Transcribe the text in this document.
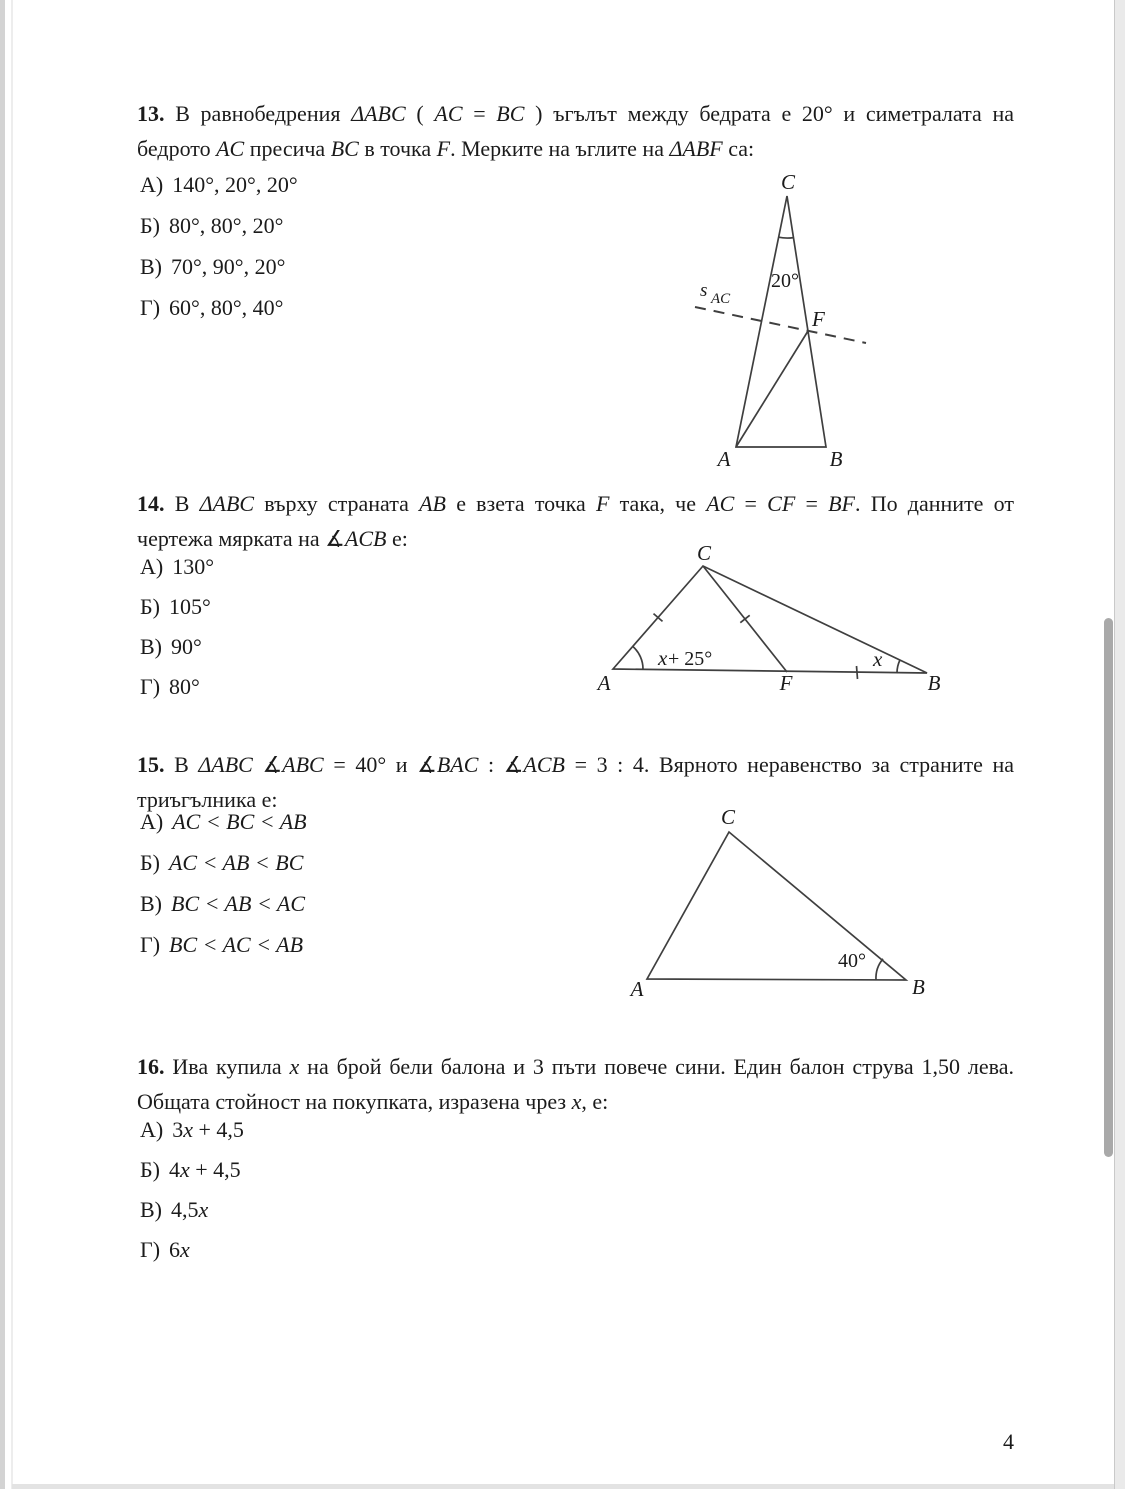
13. В равнобедрения ΔABC ( AC = BC ) ъгълът между бедрата е 20° и симетралата на
бедрото AC пресича BC в точка F. Мерките на ъглите на ΔABF са:
А) 140°, 20°, 20°
Б) 80°, 80°, 20°
В) 70°, 90°, 20°
Г) 60°, 80°, 40°
C
A	B
F
20°
s AC
14. В ΔABC върху страната AB е взета точка F така, че AC = CF = BF. По данните от
чертежа мярката на ∡ACB е:
А) 130°
Б) 105°
В) 90°
Г) 80°
C
A	F	B
x + 25°	x
15. В ΔABC ∡ABC = 40° и ∡BAC : ∡ACB = 3 : 4. Вярното неравенство за страните на
триъгълника е:
А) AC < BC < AB
Б) AC < AB < BC
В) BC < AB < AC
Г) BC < AC < AB
C
A	B
40°
16. Ива купила x на брой бели балона и 3 пъти повече сини. Един балон струва 1,50 лева.
Общата стойност на покупката, изразена чрез x, е:
А) 3x + 4,5
Б) 4x + 4,5
В) 4,5x
Г) 6x
4
